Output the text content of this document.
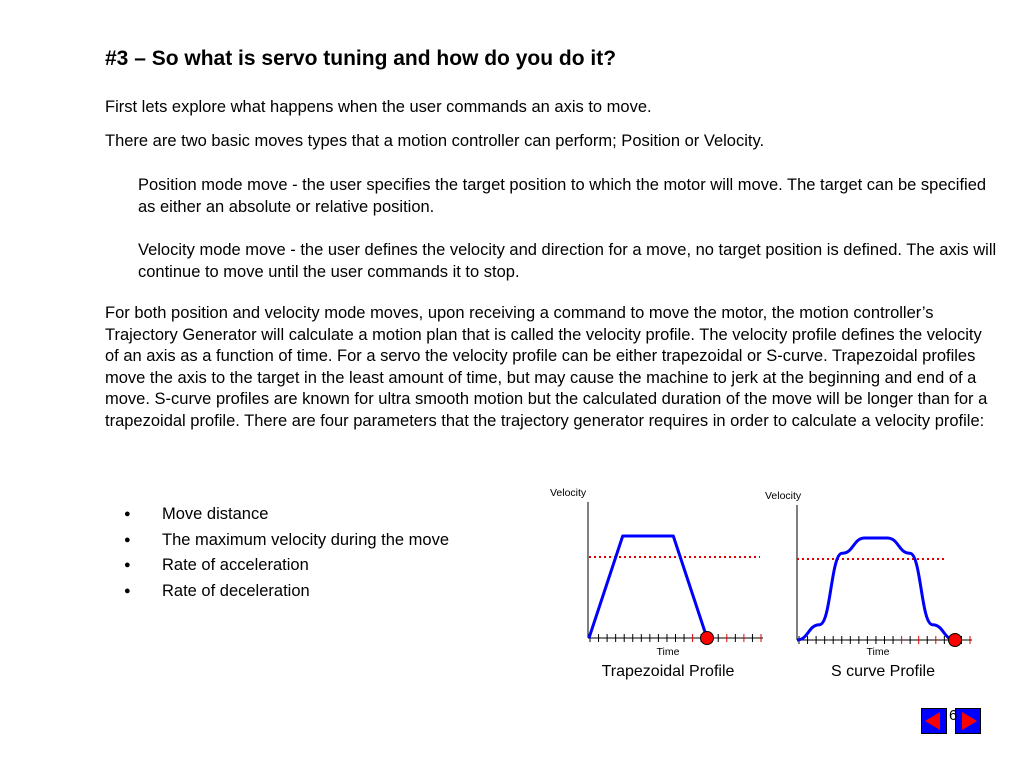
#3 – So what is servo tuning and how do you do it?

First lets explore what happens when the user commands an axis to move.

There are two basic moves types that a motion controller can perform; Position or Velocity.

Position mode move - the user specifies the target position to which the motor will move. The target can be specified as either an absolute or relative position.

Velocity mode move - the user defines the velocity and direction for a move, no target position is defined. The axis will continue to move until the user commands it to stop.

For both position and velocity mode moves, upon receiving a command to move the motor, the motion controller’s Trajectory Generator will calculate a motion plan that is called the velocity profile. The velocity profile defines the velocity of an axis as a function of time. For a servo the velocity profile can be either trapezoidal or S-curve. Trapezoidal profiles move the axis to the target in the least amount of time, but may cause the machine to jerk at the beginning and end of a move. S-curve profiles are known for ultra smooth motion but the calculated duration of the move will be longer than for a trapezoidal profile. There are four parameters that the trajectory generator requires in order to calculate a velocity profile:

● Move distance
● The maximum velocity during the move
● Rate of acceleration
● Rate of deceleration
Velocity
Time
Trapezoidal Profile
Velocity
Time
S curve Profile
6
